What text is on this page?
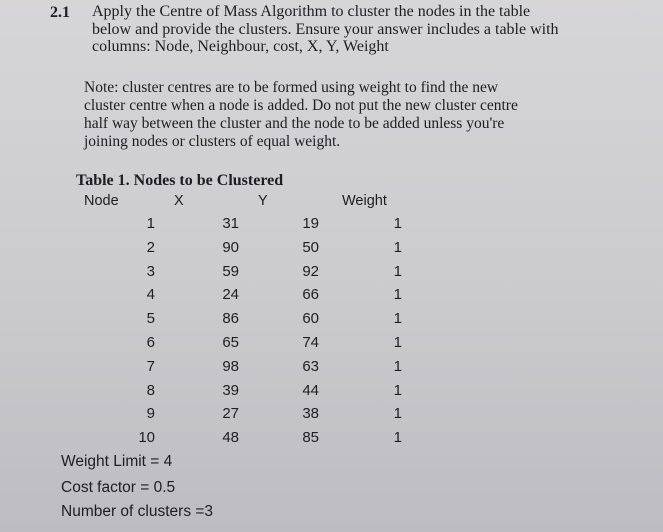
2.1 Apply the Centre of Mass Algorithm to cluster the nodes in the table
below and provide the clusters. Ensure your answer includes a table with
columns: Node, Neighbour, cost, X, Y, Weight
Note: cluster centres are to be formed using weight to find the new
cluster centre when a node is added. Do not put the new cluster centre
half way between the cluster and the node to be added unless you're
joining nodes or clusters of equal weight.
Table 1. Nodes to be Clustered
Node	X	Y	Weight
1	31	19	1
2	90	50	1
3	59	92	1
4	24	66	1
5	86	60	1
6	65	74	1
7	98	63	1
8	39	44	1
9	27	38	1
10	48	85	1
Weight Limit = 4
Cost factor = 0.5
Number of clusters =3
